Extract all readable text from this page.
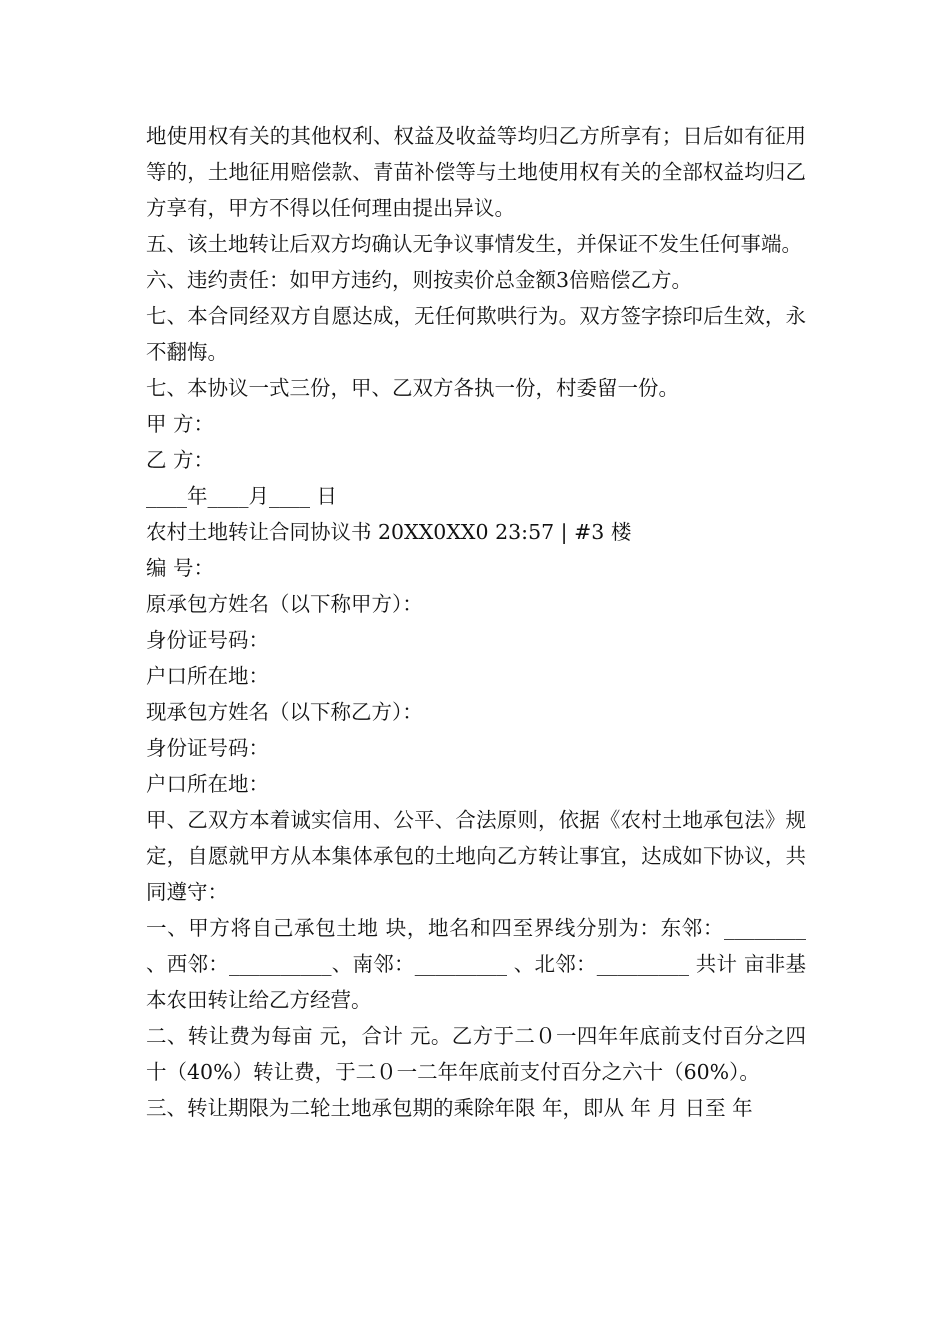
地使用权有关的其他权利、权益及收益等均归乙方所享有；日后如有征用等的，土地征用赔偿款、青苗补偿等与土地使用权有关的全部权益均归乙方享有，甲方不得以任何理由提出异议。

五、该土地转让后双方均确认无争议事情发生，并保证不发生任何事端。

六、违约责任：如甲方违约，则按卖价总金额3倍赔偿乙方。

七、本合同经双方自愿达成，无任何欺哄行为。双方签字捺印后生效，永不翻悔。

七、本协议一式三份，甲、乙双方各执一份，村委留一份。

甲 方：

乙 方：

____年____月____ 日

农村土地转让合同协议书 20XX0XX0 23:57 | #3 楼

编 号：

原承包方姓名（以下称甲方）：

身份证号码：

户口所在地：

现承包方姓名（以下称乙方）：

身份证号码：

户口所在地：

甲、乙双方本着诚实信用、公平、合法原则，依据《农村土地承包法》规定，自愿就甲方从本集体承包的土地向乙方转让事宜，达成如下协议，共同遵守：

一、甲方将自己承包土地 块，地名和四至界线分别为：东邻：________ 、西邻：__________、南邻：_________ 、北邻：_________ 共计 亩非基本农田转让给乙方经营。

二、转让费为每亩 元，合计 元。乙方于二０一四年年底前支付百分之四十（40%）转让费，于二０一二年年底前支付百分之六十（60%）。

三、转让期限为二轮土地承包期的乘除年限 年，即从 年 月 日至 年
